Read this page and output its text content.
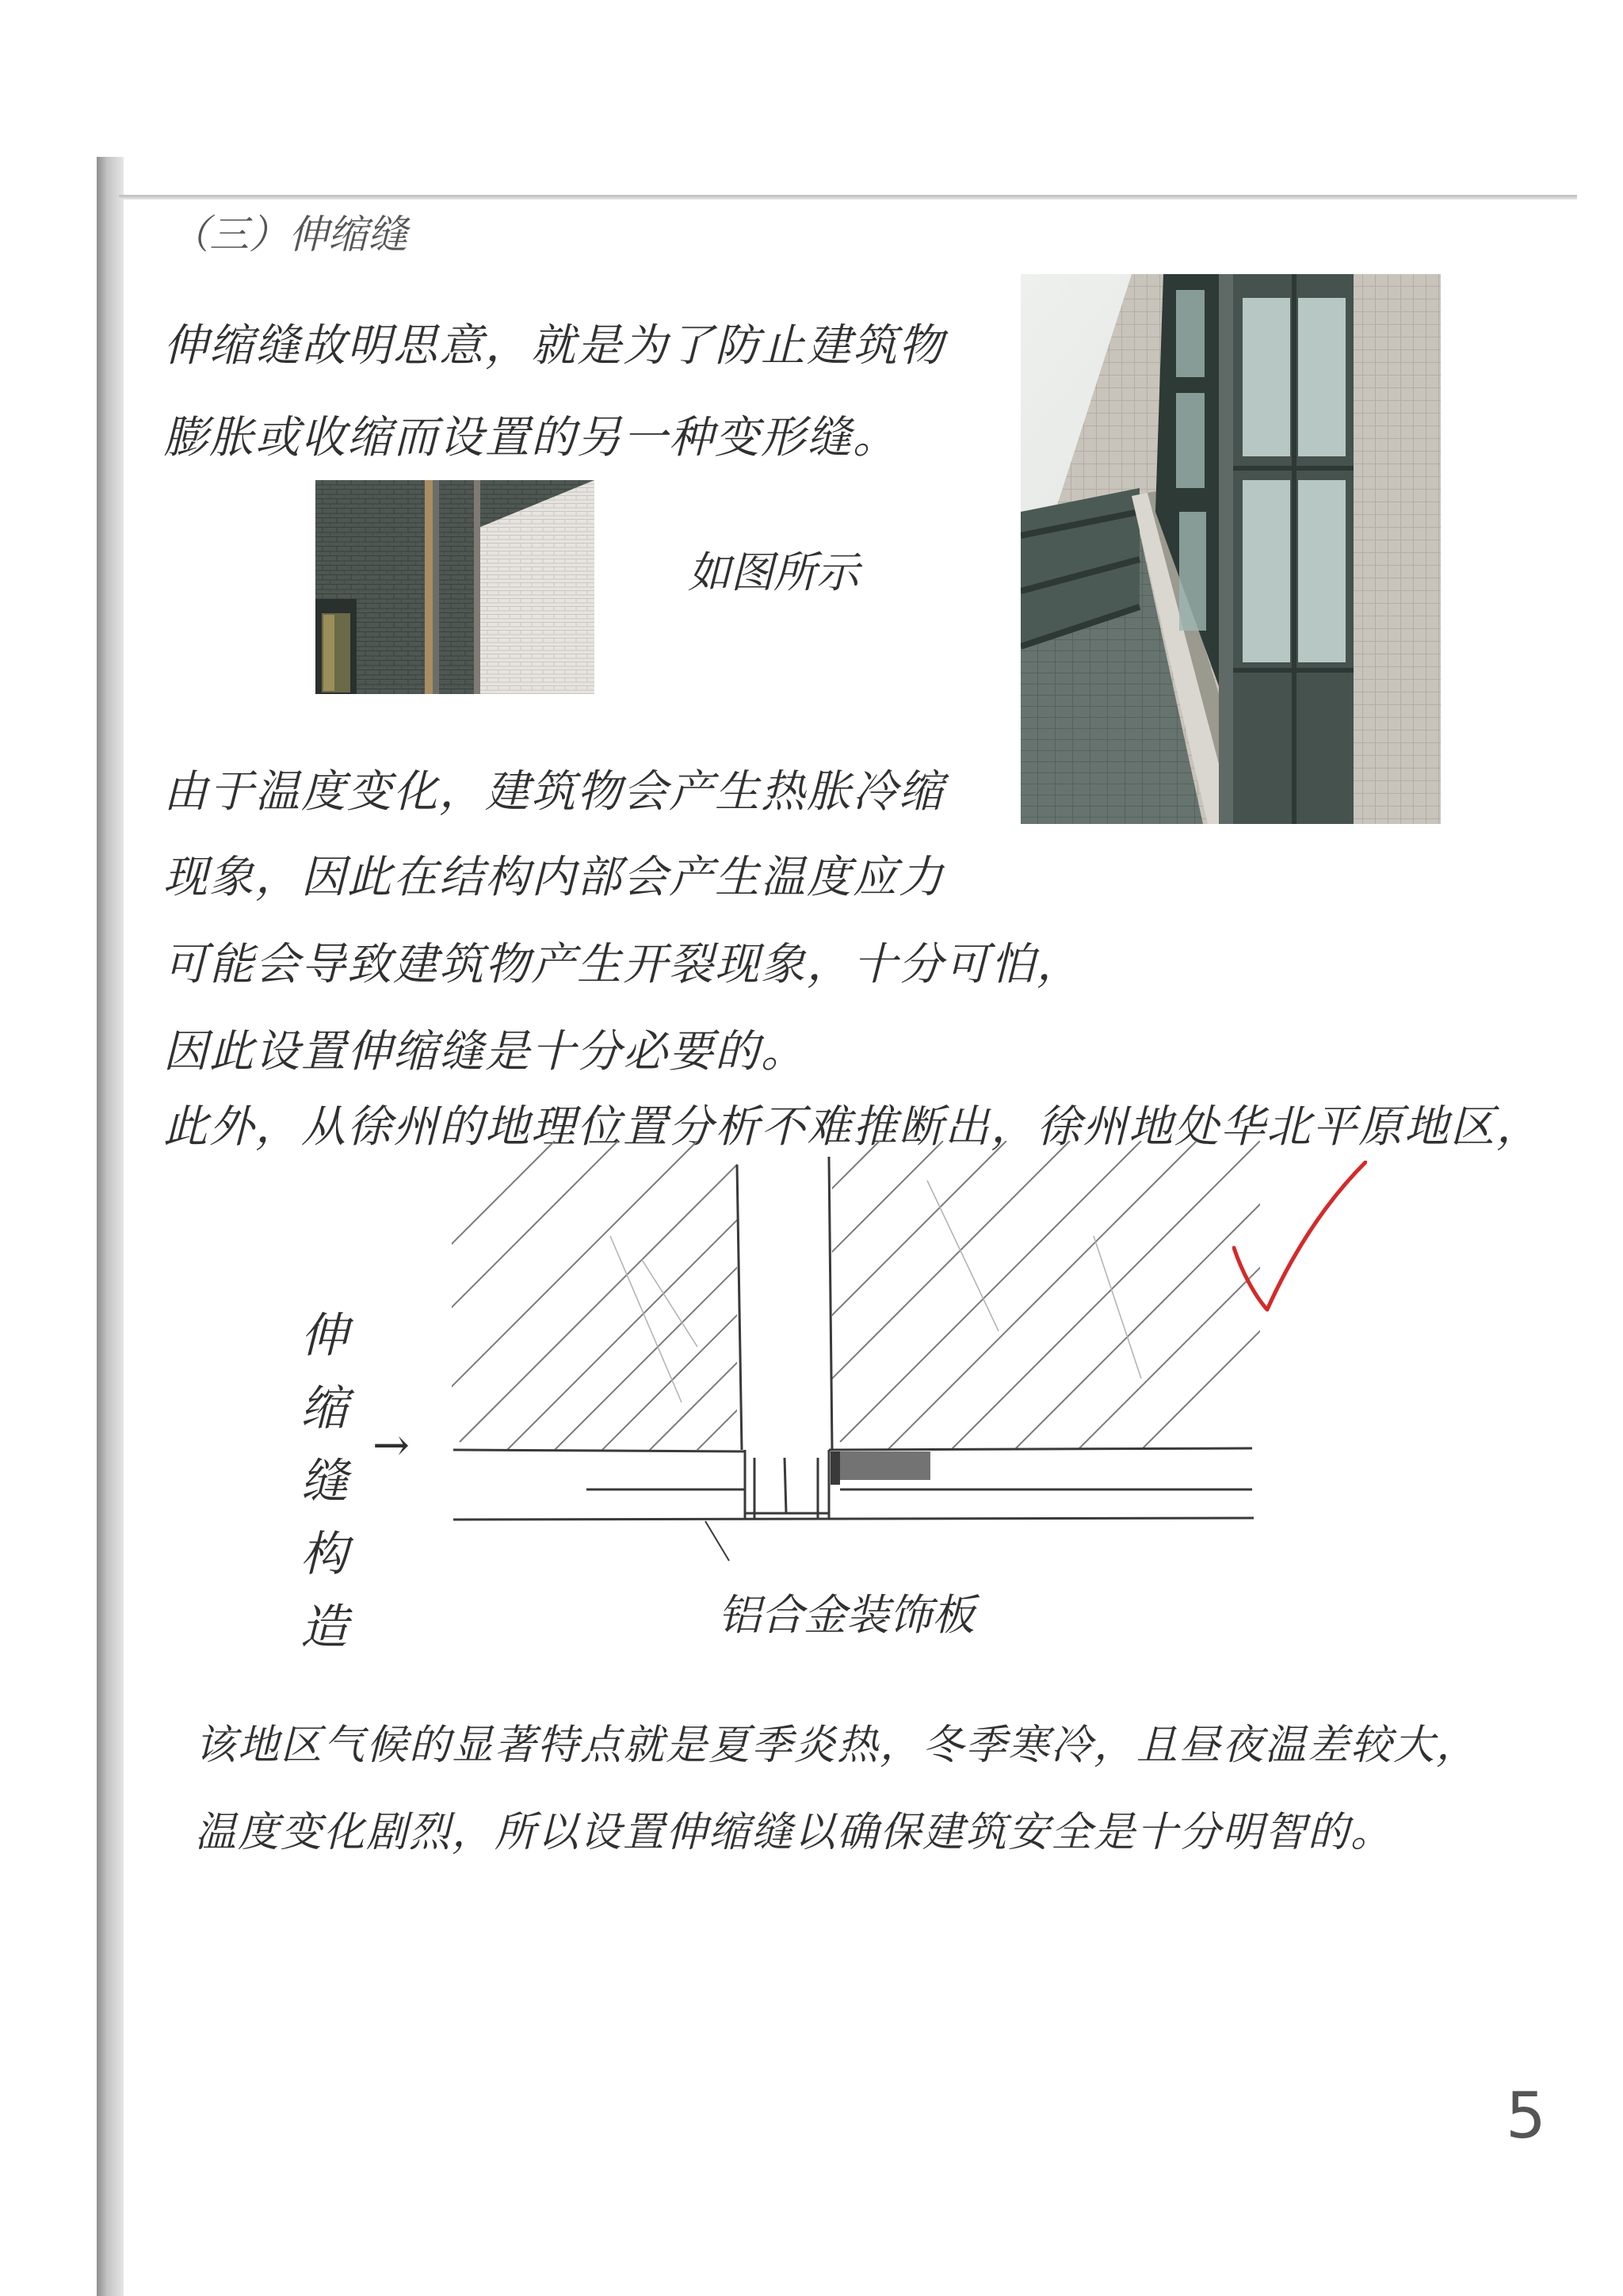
（三）伸缩缝
伸缩缝故明思意，就是为了防止建筑物
膨胀或收缩而设置的另一种变形缝。
如图所示
由于温度变化，建筑物会产生热胀冷缩
现象，因此在结构内部会产生温度应力
可能会导致建筑物产生开裂现象，十分可怕，
因此设置伸缩缝是十分必要的。
此外，从徐州的地理位置分析不难推断出，徐州地处华北平原地区，
伸缩缝构造
→
铝合金装饰板
该地区气候的显著特点就是夏季炎热，冬季寒冷，且昼夜温差较大，
温度变化剧烈，所以设置伸缩缝以确保建筑安全是十分明智的。
5
